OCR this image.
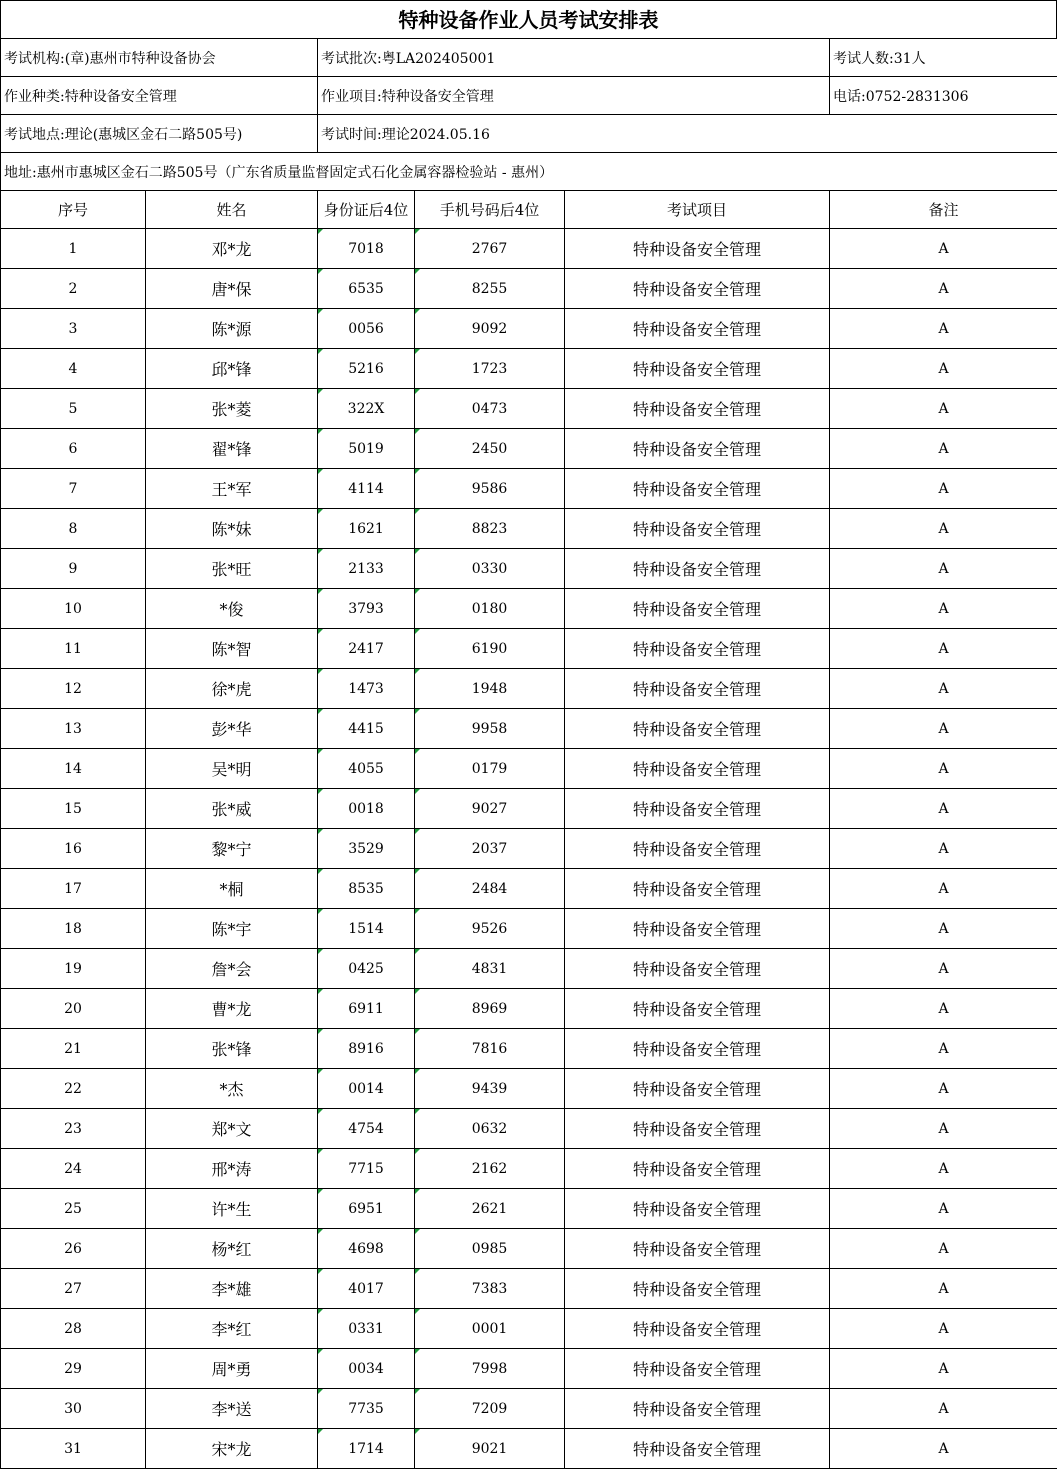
特种设备作业人员考试安排表
考试机构:(章)惠州市特种设备协会		考试批次:粤LA202405001			考试人数:31人
作业种类:特种设备安全管理		作业项目:特种设备安全管理			电话:0752-2831306
考试地点:理论(惠城区金石二路505号)		考试时间:理论2024.05.16			
地址:惠州市惠城区金石二路505号（广东省质量监督固定式石化金属容器检验站 - 惠州）					
序号	姓名	身份证后4位	手机号码后4位	考试项目	备注
1	邓*龙	7018	2767	特种设备安全管理	A
2	唐*保	6535	8255	特种设备安全管理	A
3	陈*源	0056	9092	特种设备安全管理	A
4	邱*锋	5216	1723	特种设备安全管理	A
5	张*菱	322X	0473	特种设备安全管理	A
6	翟*锋	5019	2450	特种设备安全管理	A
7	王*军	4114	9586	特种设备安全管理	A
8	陈*妹	1621	8823	特种设备安全管理	A
9	张*旺	2133	0330	特种设备安全管理	A
10	*俊	3793	0180	特种设备安全管理	A
11	陈*智	2417	6190	特种设备安全管理	A
12	徐*虎	1473	1948	特种设备安全管理	A
13	彭*华	4415	9958	特种设备安全管理	A
14	吴*明	4055	0179	特种设备安全管理	A
15	张*威	0018	9027	特种设备安全管理	A
16	黎*宁	3529	2037	特种设备安全管理	A
17	*桐	8535	2484	特种设备安全管理	A
18	陈*宇	1514	9526	特种设备安全管理	A
19	詹*会	0425	4831	特种设备安全管理	A
20	曹*龙	6911	8969	特种设备安全管理	A
21	张*锋	8916	7816	特种设备安全管理	A
22	*杰	0014	9439	特种设备安全管理	A
23	郑*文	4754	0632	特种设备安全管理	A
24	邢*涛	7715	2162	特种设备安全管理	A
25	许*生	6951	2621	特种设备安全管理	A
26	杨*红	4698	0985	特种设备安全管理	A
27	李*雄	4017	7383	特种设备安全管理	A
28	李*红	0331	0001	特种设备安全管理	A
29	周*勇	0034	7998	特种设备安全管理	A
30	李*送	7735	7209	特种设备安全管理	A
31	宋*龙	1714	9021	特种设备安全管理	A
